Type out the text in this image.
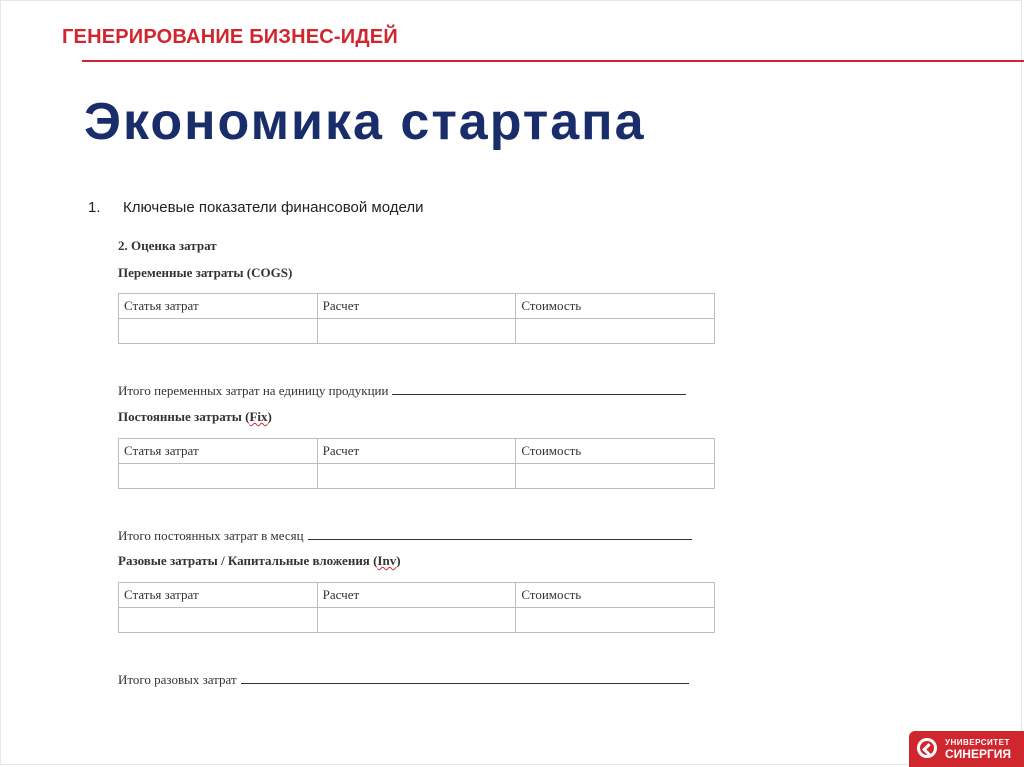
ГЕНЕРИРОВАНИЕ БИЗНЕС-ИДЕЙ
Экономика стартапа
1. Ключевые показатели финансовой модели
2. Оценка затрат
Переменные затраты (COGS)
Статья затрат	Расчет	Стоимость

Итого переменных затрат на единицу продукции
Постоянные затраты (Fix)
Статья затрат	Расчет	Стоимость

Итого постоянных затрат в месяц
Разовые затраты / Капитальные вложения (Inv)
Статья затрат	Расчет	Стоимость

Итого разовых затрат
УНИВЕРСИТЕТ
СИНЕРГИЯ
